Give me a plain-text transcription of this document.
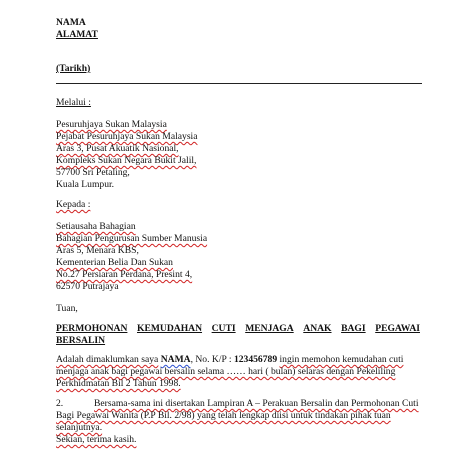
NAMA
ALAMAT
(Tarikh)
Melalui :
Pesuruhjaya Sukan Malaysia
Pejabat Pesuruhjaya Sukan Malaysia
Aras 3, Pusat Akuatik Nasional,
Kompleks Sukan Negara Bukit Jalil,
57700 Sri Petaling,
Kuala Lumpur.
Kepada :
Setiausaha Bahagian
Bahagian Pengurusan Sumber Manusia
Aras 5, Menara KBS,
Kementerian Belia Dan Sukan
No.27 Persiaran Perdana, Presint 4,
62570 Putrajaya
Tuan,
PERMOHONAN KEMUDAHAN CUTI MENJAGA ANAK BAGI PEGAWAI
BERSALIN
Adalah dimaklumkan saya NAMA, No. K/P : 123456789 ingin memohon kemudahan cuti
menjaga anak bagi pegawai bersalin selama …… hari ( bulan) selaras dengan Pekeliling
Perkhidmatan Bil 2 Tahun 1998.
2.	Bersama-sama ini disertakan Lampiran A – Perakuan Bersalin dan Permohonan Cuti
Bagi Pegawai Wanita (P.P Bil. 2/98) yang telah lengkap diisi untuk tindakan pihak tuan
selanjutnya.
Sekian, terima kasih.
